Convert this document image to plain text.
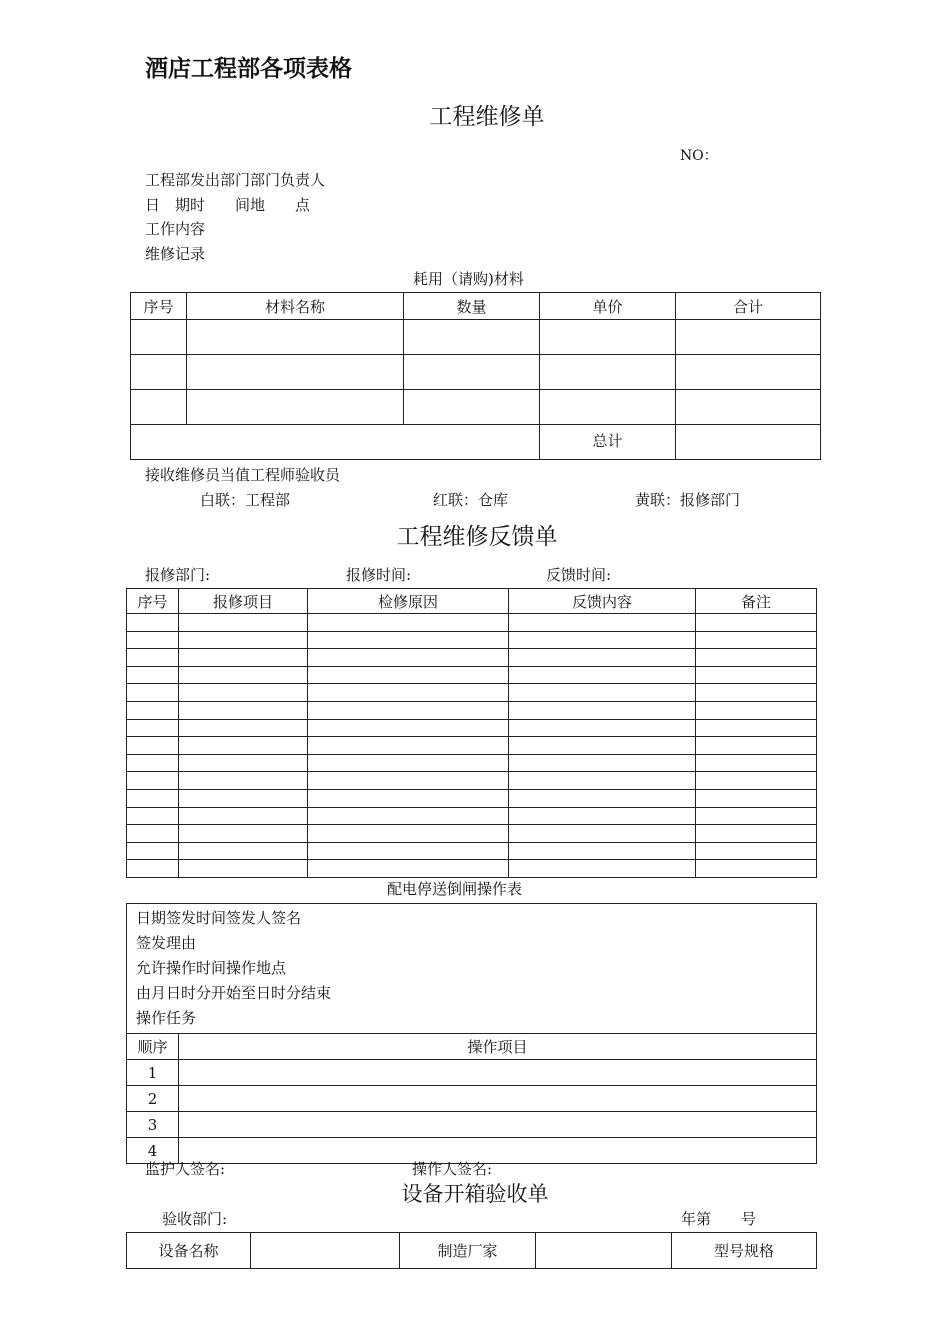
酒店工程部各项表格
工程维修单
NO：
工程部发出部门部门负责人
日　期时　　间地　　点
工作内容
维修记录
耗用（请购)材料
序号	材料名称	数量	单价	合计

			总计	
接收维修员当值工程师验收员
白联：工程部	红联：仓库	黄联：报修部门
工程维修反馈单
报修部门:	报修时间:	反馈时间:
序号	报修项目	检修原因	反馈内容	备注

配电停送倒闸操作表
日期签发时间签发人签名
签发理由
允许操作时间操作地点
由月日时分开始至日时分结束
操作任务	

顺序	操作项目
1	
2	
3	
4	
监护人签名:	操作人签名:
设备开箱验收单
验收部门:	年第　　号
设备名称		制造厂家		型号规格
